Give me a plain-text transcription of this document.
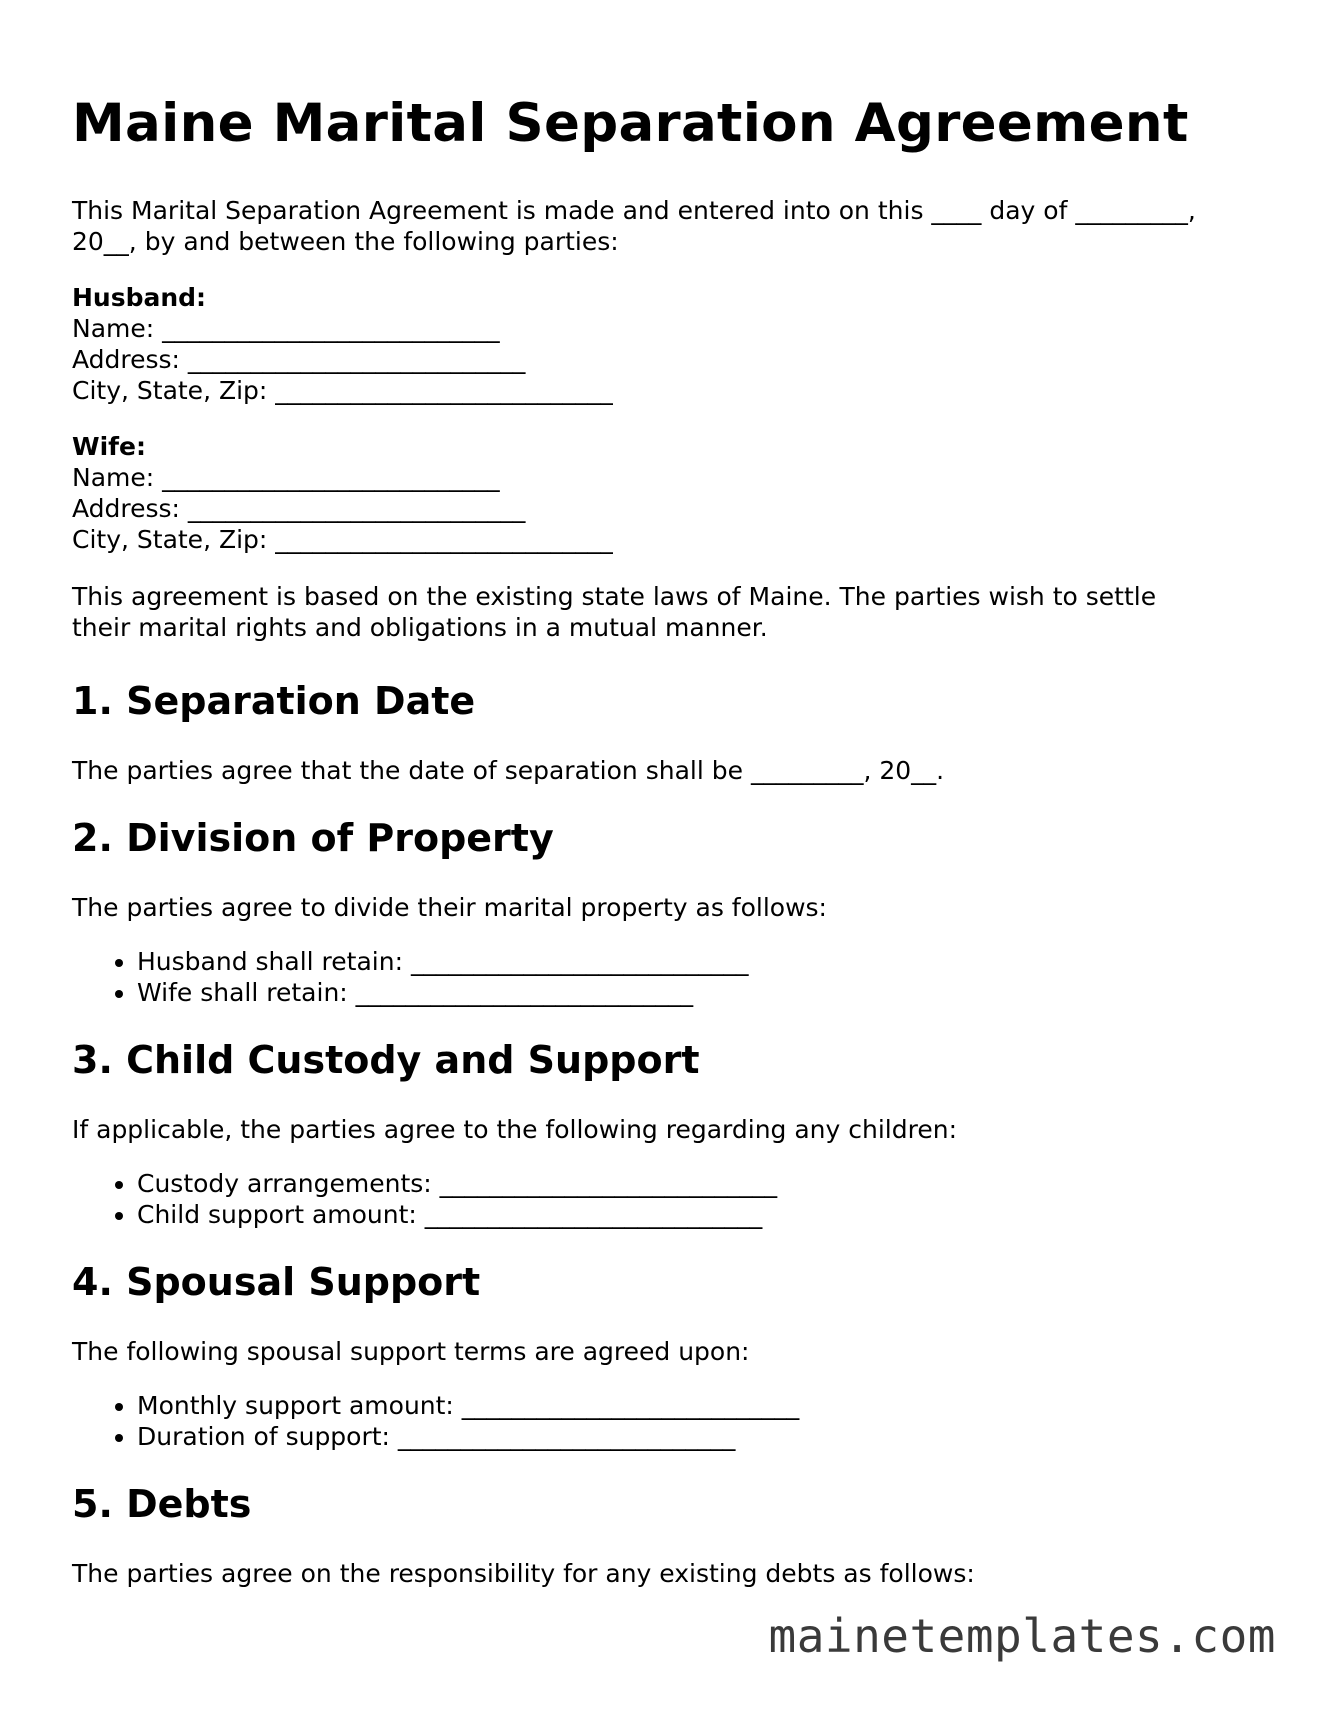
Maine Marital Separation Agreement

This Marital Separation Agreement is made and entered into on this ____ day of _________,
20__, by and between the following parties:

Husband:
Name: ___________________________
Address: ___________________________
City, State, Zip: ___________________________
Wife:
Name: ___________________________
Address: ___________________________
City, State, Zip: ___________________________

This agreement is based on the existing state laws of Maine. The parties wish to settle
their marital rights and obligations in a mutual manner.

1. Separation Date

The parties agree that the date of separation shall be _________, 20__.

2. Division of Property

The parties agree to divide their marital property as follows:

• Husband shall retain: ___________________________
• Wife shall retain: ___________________________
3. Child Custody and Support

If applicable, the parties agree to the following regarding any children:

• Custody arrangements: ___________________________
• Child support amount: ___________________________
4. Spousal Support

The following spousal support terms are agreed upon:

• Monthly support amount: ___________________________
• Duration of support: ___________________________
5. Debts

The parties agree on the responsibility for any existing debts as follows:

mainetemplates.com
